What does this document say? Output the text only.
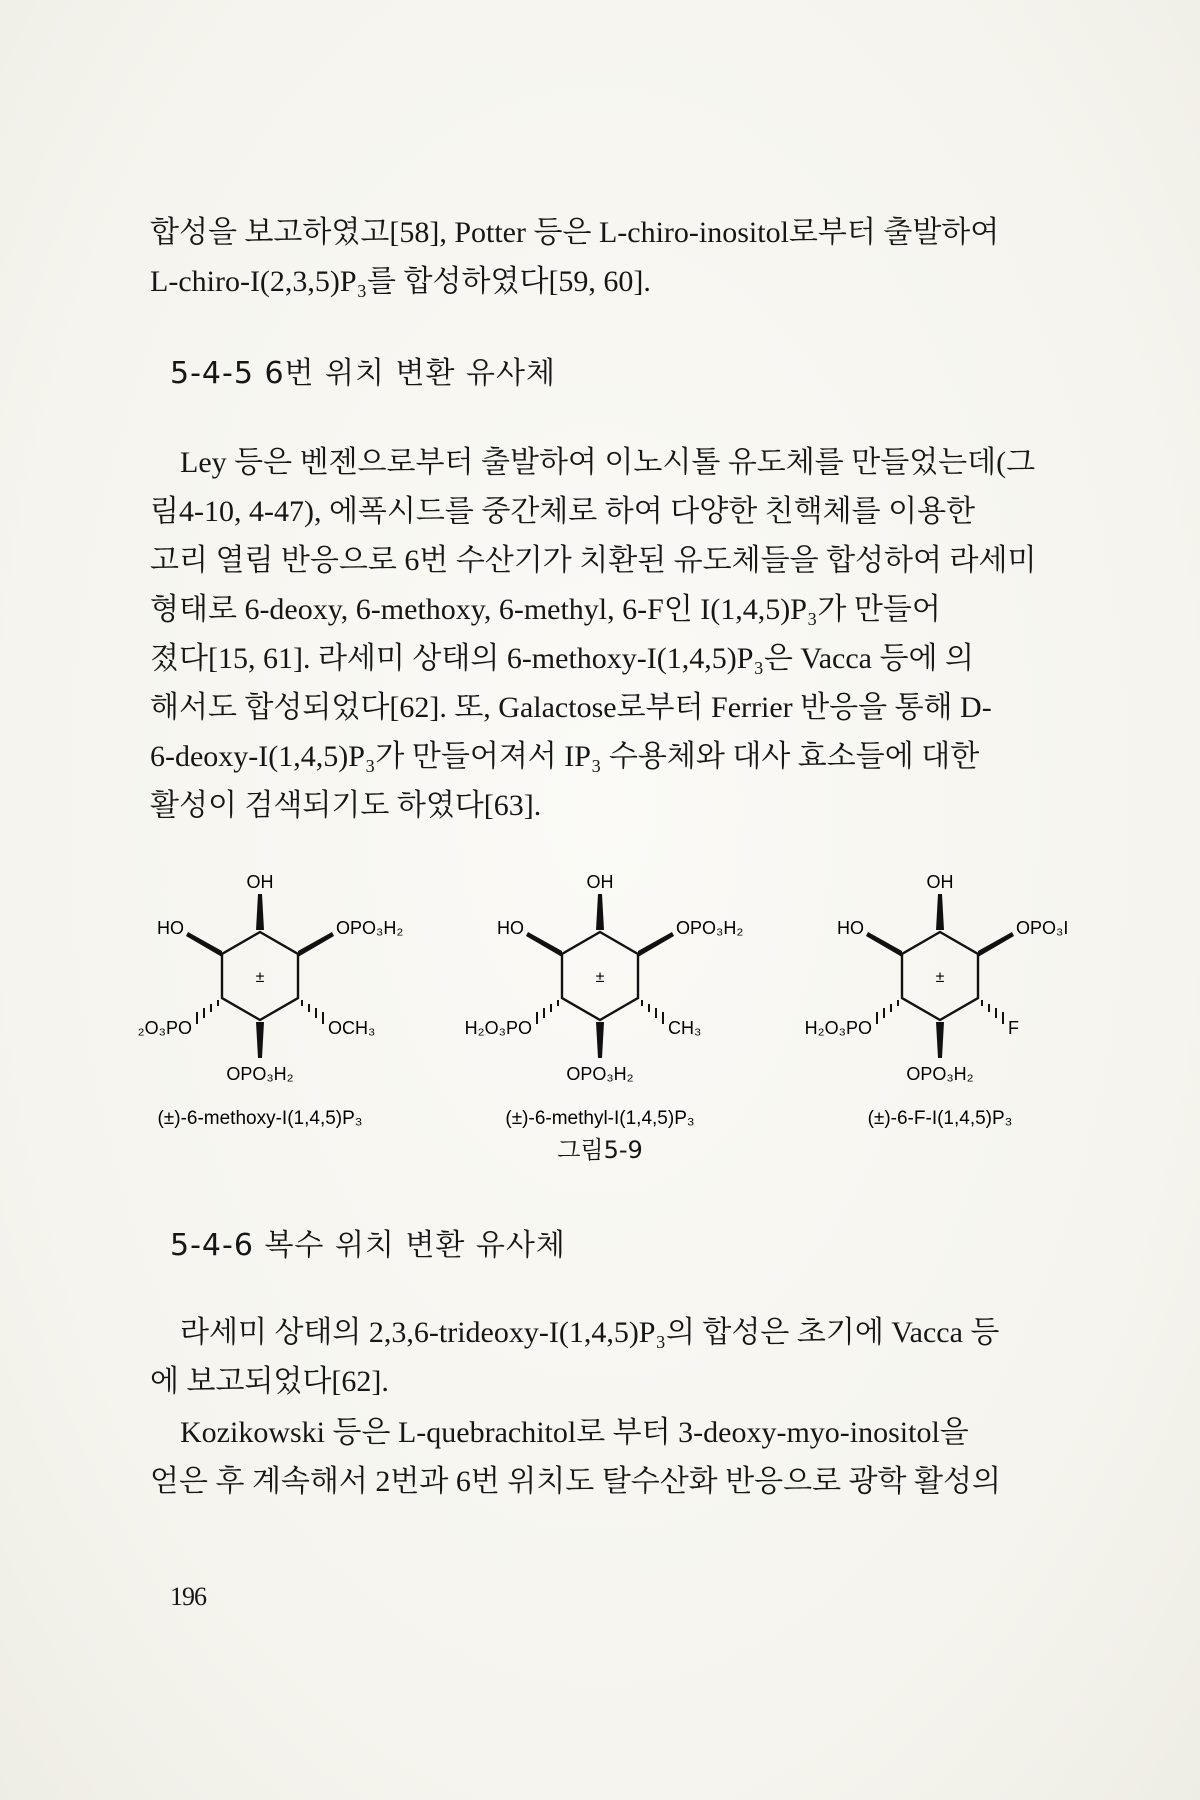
합성을 보고하였고[58], Potter 등은 L-chiro-inositol로부터 출발하여
L-chiro-I(2,3,5)P₃를 합성하였다[59, 60].

5-4-5 6번 위치 변환 유사체

Ley 등은 벤젠으로부터 출발하여 이노시톨 유도체를 만들었는데(그
림4-10, 4-47), 에폭시드를 중간체로 하여 다양한 친핵체를 이용한
고리 열림 반응으로 6번 수산기가 치환된 유도체들을 합성하여 라세미
형태로 6-deoxy, 6-methoxy, 6-methyl, 6-F인 I(1,4,5)P₃가 만들어
졌다[15, 61]. 라세미 상태의 6-methoxy-I(1,4,5)P₃은 Vacca 등에 의
해서도 합성되었다[62]. 또, Galactose로부터 Ferrier 반응을 통해 D-
6-deoxy-I(1,4,5)P₃가 만들어져서 IP₃ 수용체와 대사 효소들에 대한
활성이 검색되기도 하였다[63].

±
OH
HO	OPO₃H₂
₂O₃PO	OCH₃
OPO₃H₂
(±)-6-methoxy-I(1,4,5)P₃
±
OH
HO	OPO₃H₂
H₂O₃PO	CH₃
OPO₃H₂
(±)-6-methyl-I(1,4,5)P₃
±
OH
HO	OPO₃I
H₂O₃PO	F
OPO₃H₂
(±)-6-F-I(1,4,5)P₃
그림5-9
5-4-6 복수 위치 변환 유사체

라세미 상태의 2,3,6-trideoxy-I(1,4,5)P₃의 합성은 초기에 Vacca 등
에 보고되었다[62].

Kozikowski 등은 L-quebrachitol로 부터 3-deoxy-myo-inositol을
얻은 후 계속해서 2번과 6번 위치도 탈수산화 반응으로 광학 활성의

196
